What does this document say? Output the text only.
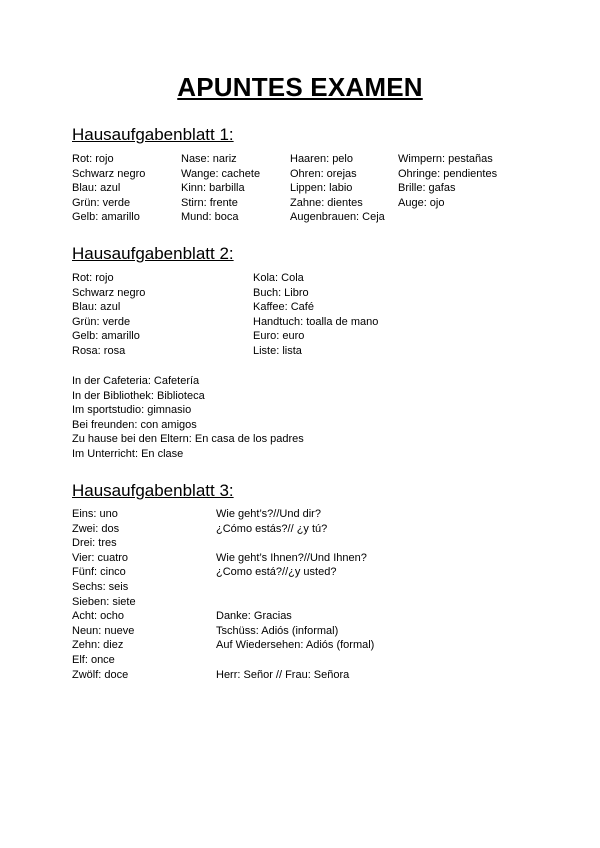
APUNTES EXAMEN
Hausaufgabenblatt 1:
Rot: rojo
Schwarz negro
Blau: azul
Grün: verde
Gelb: amarillo
Nase: nariz
Wange: cachete
Kinn: barbilla
Stirn: frente
Mund: boca
Haaren: pelo
Ohren: orejas
Lippen: labio
Zahne: dientes
Augenbrauen: Ceja
Wimpern: pestañas
Ohringe: pendientes
Brille: gafas
Auge: ojo
Hausaufgabenblatt 2:
Rot: rojo
Schwarz negro
Blau: azul
Grün: verde
Gelb: amarillo
Rosa: rosa
Kola: Cola
Buch: Libro
Kaffee: Café
Handtuch: toalla de mano
Euro: euro
Liste: lista
In der Cafeteria: Cafetería
In der Bibliothek: Biblioteca
Im sportstudio: gimnasio
Bei freunden: con amigos
Zu hause bei den Eltern: En casa de los padres
Im Unterricht: En clase
Hausaufgabenblatt 3:
Eins: uno
Zwei: dos
Drei: tres
Vier: cuatro
Fünf: cinco
Sechs: seis
Sieben: siete
Acht: ocho
Neun: nueve
Zehn: diez
Elf: once
Zwölf: doce
Wie geht’s?//Und dir?
¿Cómo estás?// ¿y tú?

Wie geht’s Ihnen?//Und Ihnen?
¿Como está?//¿y usted?

Danke: Gracias
Tschüss: Adiós (informal)
Auf Wiedersehen: Adiós (formal)

Herr: Señor // Frau: Señora
